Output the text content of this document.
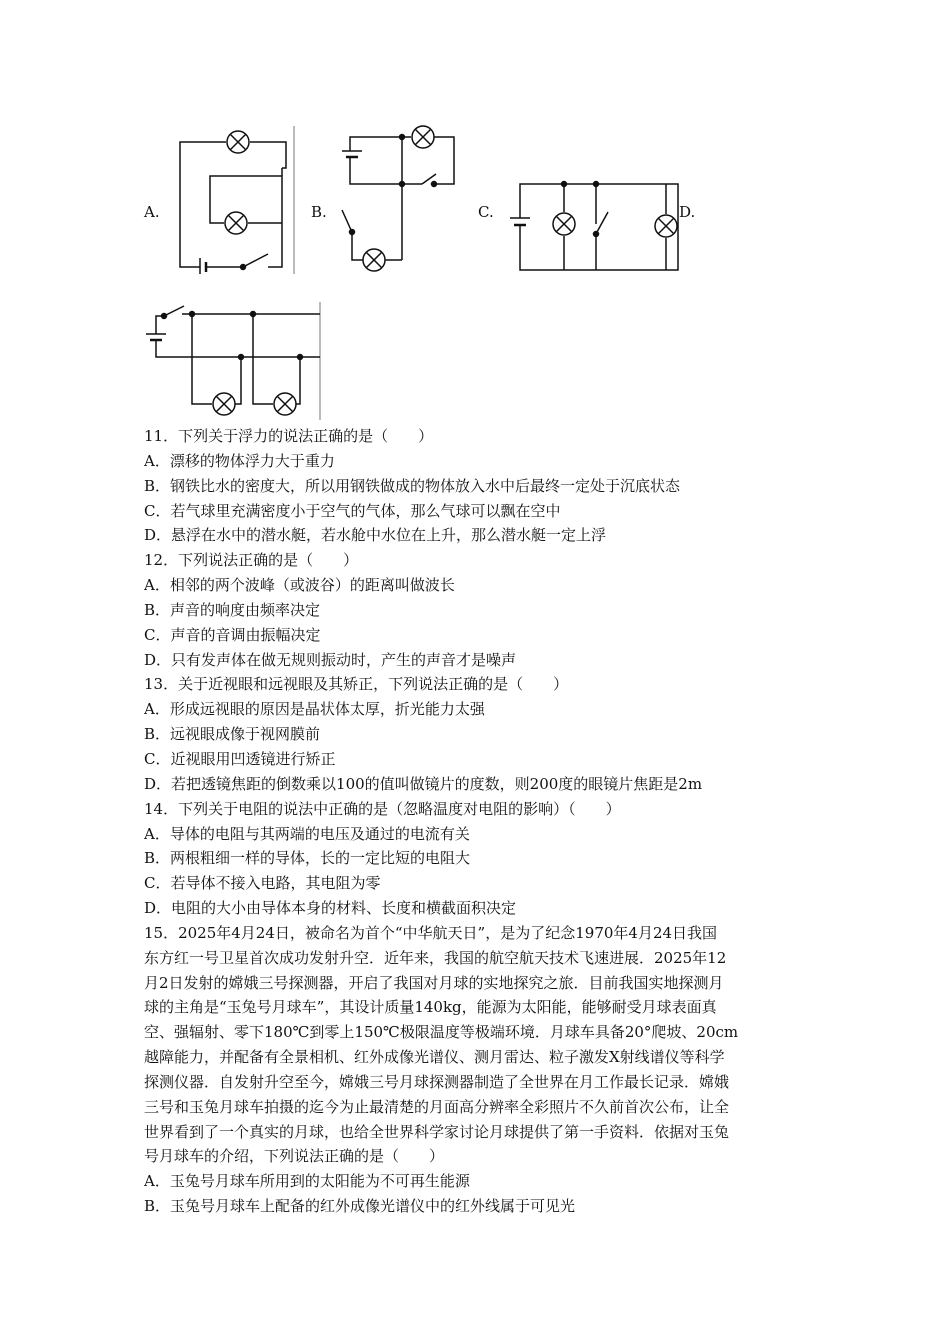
A.	B.	C.	D.
11．下列关于浮力的说法正确的是（　　）
A．漂移的物体浮力大于重力
B．钢铁比水的密度大，所以用钢铁做成的物体放入水中后最终一定处于沉底状态
C．若气球里充满密度小于空气的气体，那么气球可以飘在空中
D．悬浮在水中的潜水艇，若水舱中水位在上升，那么潜水艇一定上浮
12．下列说法正确的是（　　）
A．相邻的两个波峰（或波谷）的距离叫做波长
B．声音的响度由频率决定
C．声音的音调由振幅决定
D．只有发声体在做无规则振动时，产生的声音才是噪声
13．关于近视眼和远视眼及其矫正，下列说法正确的是（　　）
A．形成远视眼的原因是晶状体太厚，折光能力太强
B．远视眼成像于视网膜前
C．近视眼用凹透镜进行矫正
D．若把透镜焦距的倒数乘以100的值叫做镜片的度数，则200度的眼镜片焦距是2m
14．下列关于电阻的说法中正确的是（忽略温度对电阻的影响）（　　）
A．导体的电阻与其两端的电压及通过的电流有关
B．两根粗细一样的导体，长的一定比短的电阻大
C．若导体不接入电路，其电阻为零
D．电阻的大小由导体本身的材料、长度和横截面积决定
15．2025年4月24日，被命名为首个“中华航天日”，是为了纪念1970年4月24日我国
东方红一号卫星首次成功发射升空．近年来，我国的航空航天技术飞速进展．2025年12
月2日发射的嫦娥三号探测器，开启了我国对月球的实地探究之旅．目前我国实地探测月
球的主角是“玉兔号月球车”，其设计质量140kg，能源为太阳能，能够耐受月球表面真
空、强辐射、零下180℃到零上150℃极限温度等极端环境．月球车具备20°爬坡、20cm
越障能力，并配备有全景相机、红外成像光谱仪、测月雷达、粒子激发X射线谱仪等科学
探测仪器．自发射升空至今，嫦娥三号月球探测器制造了全世界在月工作最长记录．嫦娥
三号和玉兔月球车拍摄的迄今为止最清楚的月面高分辨率全彩照片不久前首次公布，让全
世界看到了一个真实的月球，也给全世界科学家讨论月球提供了第一手资料．依据对玉兔
号月球车的介绍，下列说法正确的是（　　）
A．玉兔号月球车所用到的太阳能为不可再生能源
B．玉兔号月球车上配备的红外成像光谱仪中的红外线属于可见光
